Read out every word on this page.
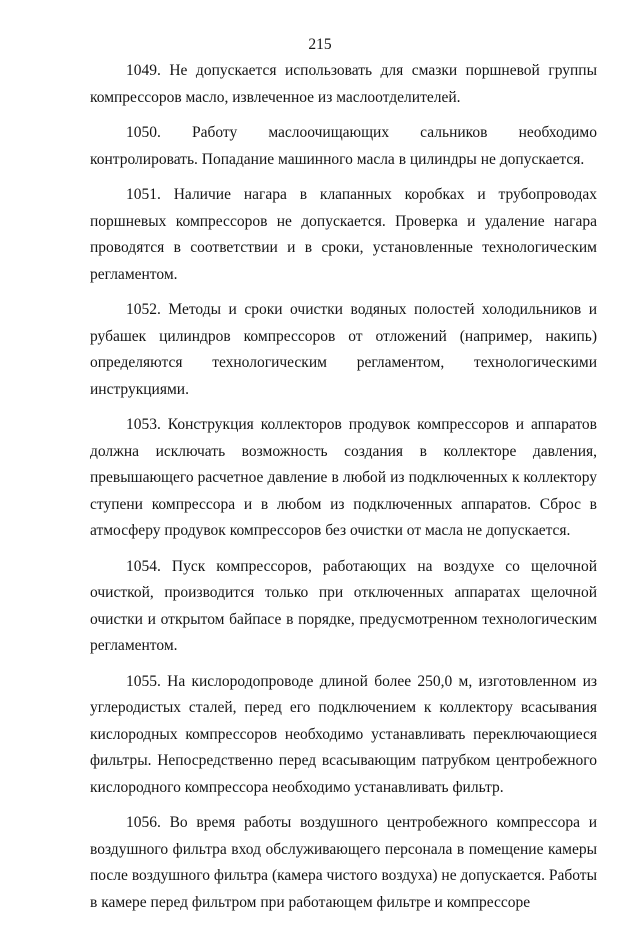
215

1049. Не допускается использовать для смазки поршневой группы компрессоров масло, извлеченное из маслоотделителей.

1050. Работу маслоочищающих сальников необходимо контролировать. Попадание машинного масла в цилиндры не допускается.

1051. Наличие нагара в клапанных коробках и трубопроводах поршневых компрессоров не допускается. Проверка и удаление нагара проводятся в соответствии и в сроки, установленные технологическим регламентом.

1052. Методы и сроки очистки водяных полостей холодильников и рубашек цилиндров компрессоров от отложений (например, накипь) определяются технологическим регламентом, технологическими инструкциями.

1053. Конструкция коллекторов продувок компрессоров и аппаратов должна исключать возможность создания в коллекторе давления, превышающего расчетное давление в любой из подключенных к коллектору ступени компрессора и в любом из подключенных аппаратов. Сброс в атмосферу продувок компрессоров без очистки от масла не допускается.

1054. Пуск компрессоров, работающих на воздухе со щелочной очисткой, производится только при отключенных аппаратах щелочной очистки и открытом байпасе в порядке, предусмотренном технологическим регламентом.

1055. На кислородопроводе длиной более 250,0 м, изготовленном из углеродистых сталей, перед его подключением к коллектору всасывания кислородных компрессоров необходимо устанавливать переключающиеся фильтры. Непосредственно перед всасывающим патрубком центробежного кислородного компрессора необходимо устанавливать фильтр.

1056. Во время работы воздушного центробежного компрессора и воздушного фильтра вход обслуживающего персонала в помещение камеры после воздушного фильтра (камера чистого воздуха) не допускается. Работы в камере перед фильтром при работающем фильтре и компрессоре
